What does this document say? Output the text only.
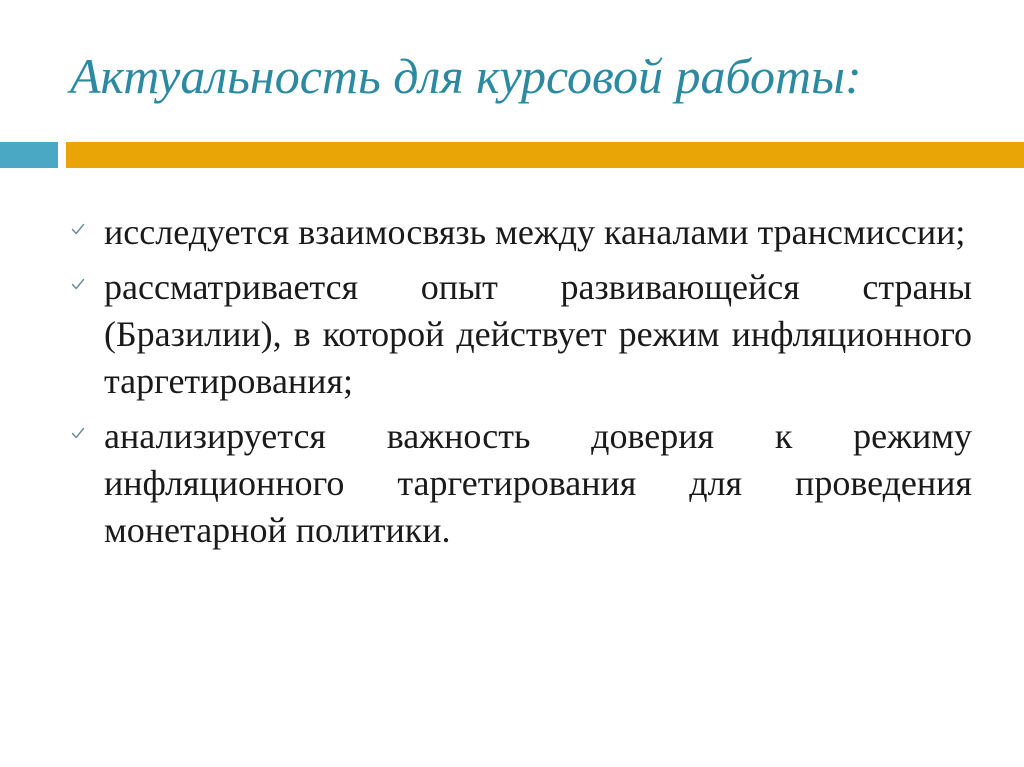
Актуальность для курсовой работы:
исследуется взаимосвязь между каналами трансмиссии;
рассматривается опыт развивающейся страны (Бразилии), в которой действует режим инфляционного таргетирования;
анализируется важность доверия к режиму инфляционного таргетирования для проведения монетарной политики.
